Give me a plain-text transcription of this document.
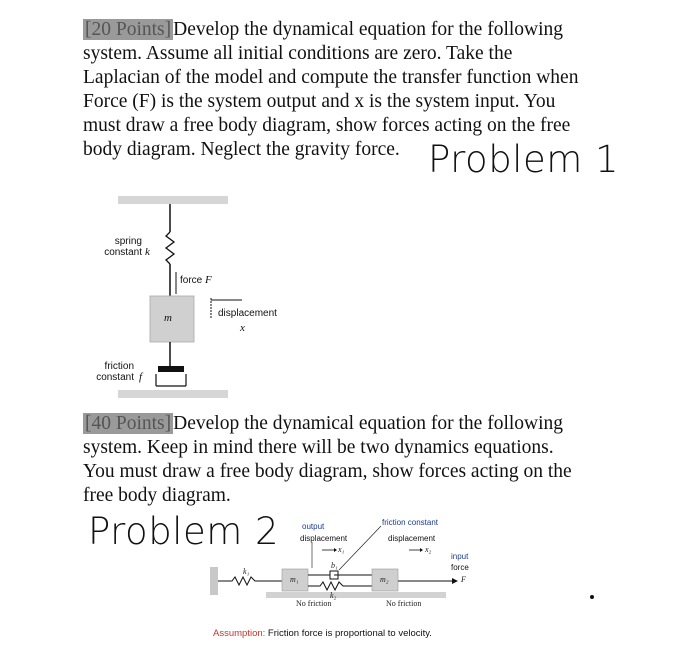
[20 Points] Develop the dynamical equation for the following
system. Assume all initial conditions are zero. Take the
Laplacian of the model and compute the transfer function when
Force (F) is the system output and x is the system input. You
must draw a free body diagram, show forces acting on the free
body diagram. Neglect the gravity force. Problem 1
spring
constant k
force F
m	displacement
x
friction
constant f
[40 Points] Develop the dynamical equation for the following
system. Keep in mind there will be two dynamics equations.
You must draw a free body diagram, show forces acting on the
free body diagram.
Problem 2	output
displacement
x₁
friction constant
displacement
x₂
input
force
F
k₁
b₁
k₂
m₁	m₂
No friction	No friction
Assumption: Friction force is proportional to velocity.
